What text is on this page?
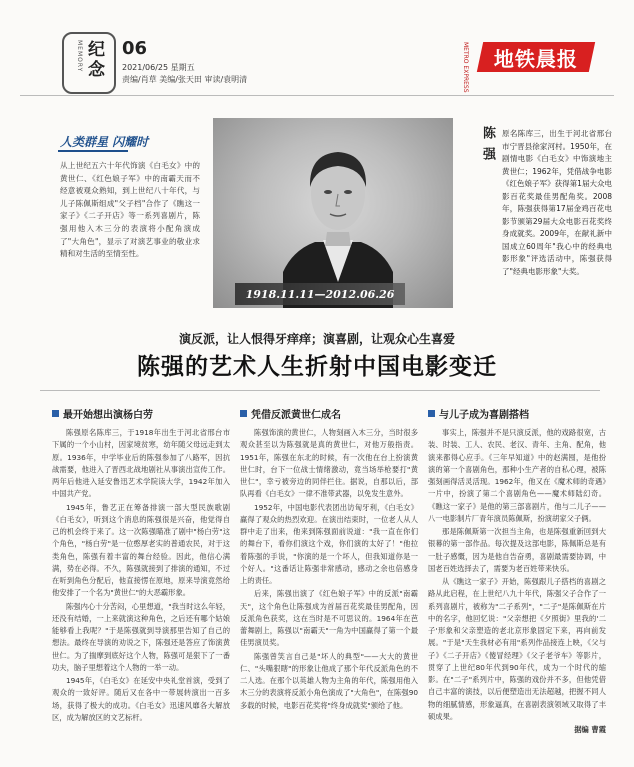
MEMORY 纪念
06
2021/06/25 星期五
责编/肖草 美编/张天田 审读/袁明清	METRO EXPRESS 地铁晨报
人类群星 闪耀时
从上世纪五六十年代饰演《白毛女》中的黄世仁、《红色娘子军》中的南霸天而不经意被观众熟知，到上世纪八十年代，与儿子陈佩斯组成"父子档"合作了《瞧这一家子》《二子开店》等一系列喜剧片，陈强用他入木三分的表演将小配角演成了"大角色"，显示了对演艺事业的敬业求精和对生活的至情至性。
1918.11.11—2012.06.26
陈强 原名陈库三，出生于河北省邢台市宁晋县徐家河村。1950年，在剧情电影《白毛女》中饰演地主黄世仁；1962年，凭借战争电影《红色娘子军》获得第1届大众电影百花奖最佳男配角奖。2008年，陈强获得第17届金鸡百花电影节颁第29届大众电影百花奖终身成就奖。2009年，在献礼新中国成立60周年"我心中的经典电影形象"评选活动中，陈强获得了"经典电影形象"大奖。
演反派，让人恨得牙痒痒；演喜剧，让观众心生喜爱
陈强的艺术人生折射中国电影变迁
最开始想出演杨白劳

陈强原名陈库三，于1918年出生于河北省邢台市下属的一个小山村，因家境贫寒，幼年随父母远走到太原。1936年，中学毕业后的陈强参加了八路军，因抗战需要，他进入了晋西北战地剧社从事演出宣传工作。两年后他进入延安鲁迅艺术学院读大学，1942年加入中国共产党。

1945年，鲁艺正在筹备排演一部大型民族歌剧《白毛女》，听到这个消息的陈强很是兴奋，他觉得自己的机会终于来了。这一次陈强瞄准了剧中"杨白劳"这个角色，"杨白劳"是一位憨厚老实的普通农民，对于这类角色，陈强有着丰富的舞台经验。因此，他信心满满，势在必得。不久，陈强就接到了排演的通知，不过在听到角色分配后，他直接愣在原地，原来导演竟然给他安排了一个名为"黄世仁"的大恶霸形象。

陈强内心十分苦闷，心里想道，"我当时这么年轻，还没有结婚，一上来就演这种角色，之后还有哪个姑娘能够看上我呢？"于是陈强就到导演那里告知了自己的想法。最终在导演的劝说之下，陈强还是答应了饰演黄世仁。为了揣摩到底好这个人物，陈强可是狠下了一番功夫，脑子里想着这个人物的一举一动。

1945年，《白毛女》在延安中央礼堂首演，受到了观众的一致好评。随后又在各中一带展转演出一百多场，获得了极大的成功。《白毛女》迅速风靡各大解放区，成为解放区的文艺标杆。

凭借反派黄世仁成名

陈强饰演的黄世仁，人物刻画入木三分，当时很多观众甚至以为陈强就是真的黄世仁，对他万般指责。1951年，陈强在东北的时候，有一次他在台上扮演黄世仁时，台下一位战士情绪激动，竟当场举枪要打"黄世仁"，幸亏被旁边的同伴拦住。据说，自那以后，部队再看《白毛女》一律不准带武器，以免发生意外。

1952年，中国电影代表团出访匈牙利，《白毛女》赢得了观众的热烈欢迎。在演出结束时，一位老人从人群中走了出来，他来到陈强面前说道："我一直在你们的舞台下，看你们演这个戏，你们演的太好了！"他拉着陈强的手说，"你演的是一个坏人，但我知道你是一个好人。"这番话让陈强非常感动，感动之余也倍感身上的责任。

后来，陈强出演了《红色娘子军》中的反派"南霸天"，这个角色让陈强成为首届百花奖最佳男配角，因反派角色获奖，这在当时是不可思议的。1964年在芭蕾舞剧上，陈强以"南霸天"一角为中国赢得了第一个最佳男演员奖。

陈强曾笑言自己是"坏人的典型"——大大的黄世仁、"头嘴狠瞎"的形象让他成了那个年代反派角色的不二人选。在那个以英雄人物为主角的年代，陈强用他入木三分的表演将反派小角色演成了"大角色"，在陈强90多载的时候，电影百花奖将"终身成就奖"颁给了他。

与儿子成为喜剧搭档

事实上，陈强并不是只演反派，他的戏路很宽，古装、时装、工人、农民、老汉、青年、主角、配角，他演来都得心应手。《三年早知道》中的赵满囤，是他扮演的第一个喜剧角色，那种小生产者的自私心理，被陈强刻画得活灵活现。1962年，他又在《魔术师的奇遇》一片中，扮演了第二个喜剧角色——魔术师陆幻奇。《瞧这一家子》是他的第三部喜剧片，他与二儿子——八一电影制片厂青年演员陈佩斯，扮演胡家父子俩。

那是陈佩斯第一次担当主角，也是陈强重新回到大银幕的第一部作品。每次提及这部电影，陈佩斯总是有一肚子感慨，因为是他自告奋勇，喜剧最需要协调，中国老百姓选择去了，需要为老百姓带来快乐。

从《瞧这一家子》开始，陈强跟儿子搭档的喜剧之路从此启程，在上世纪八九十年代，陈强父子合作了一系列喜剧片，被称为"二子系列"，"二子"是陈佩斯在片中的名字，他回忆说："父亲想把《夕照街》里我的'二子'形象和父亲塑造的老北京形象固定下来，再向前发展。"于是"天生我材必有用"系列作品接连上映，《父与子》《二子开店》《傻冒经理》《父子老爷车》等影片，贯穿了上世纪80年代到90年代，成为一个时代的缩影。在"二子"系列片中，陈强的戏份并不多，但他凭借自己丰富的演技，以后便塑造出无法超越，把握不同人物的细腻情感，形象逼真，在喜剧表演领域又取得了丰硕成果。

据编 曹霞
